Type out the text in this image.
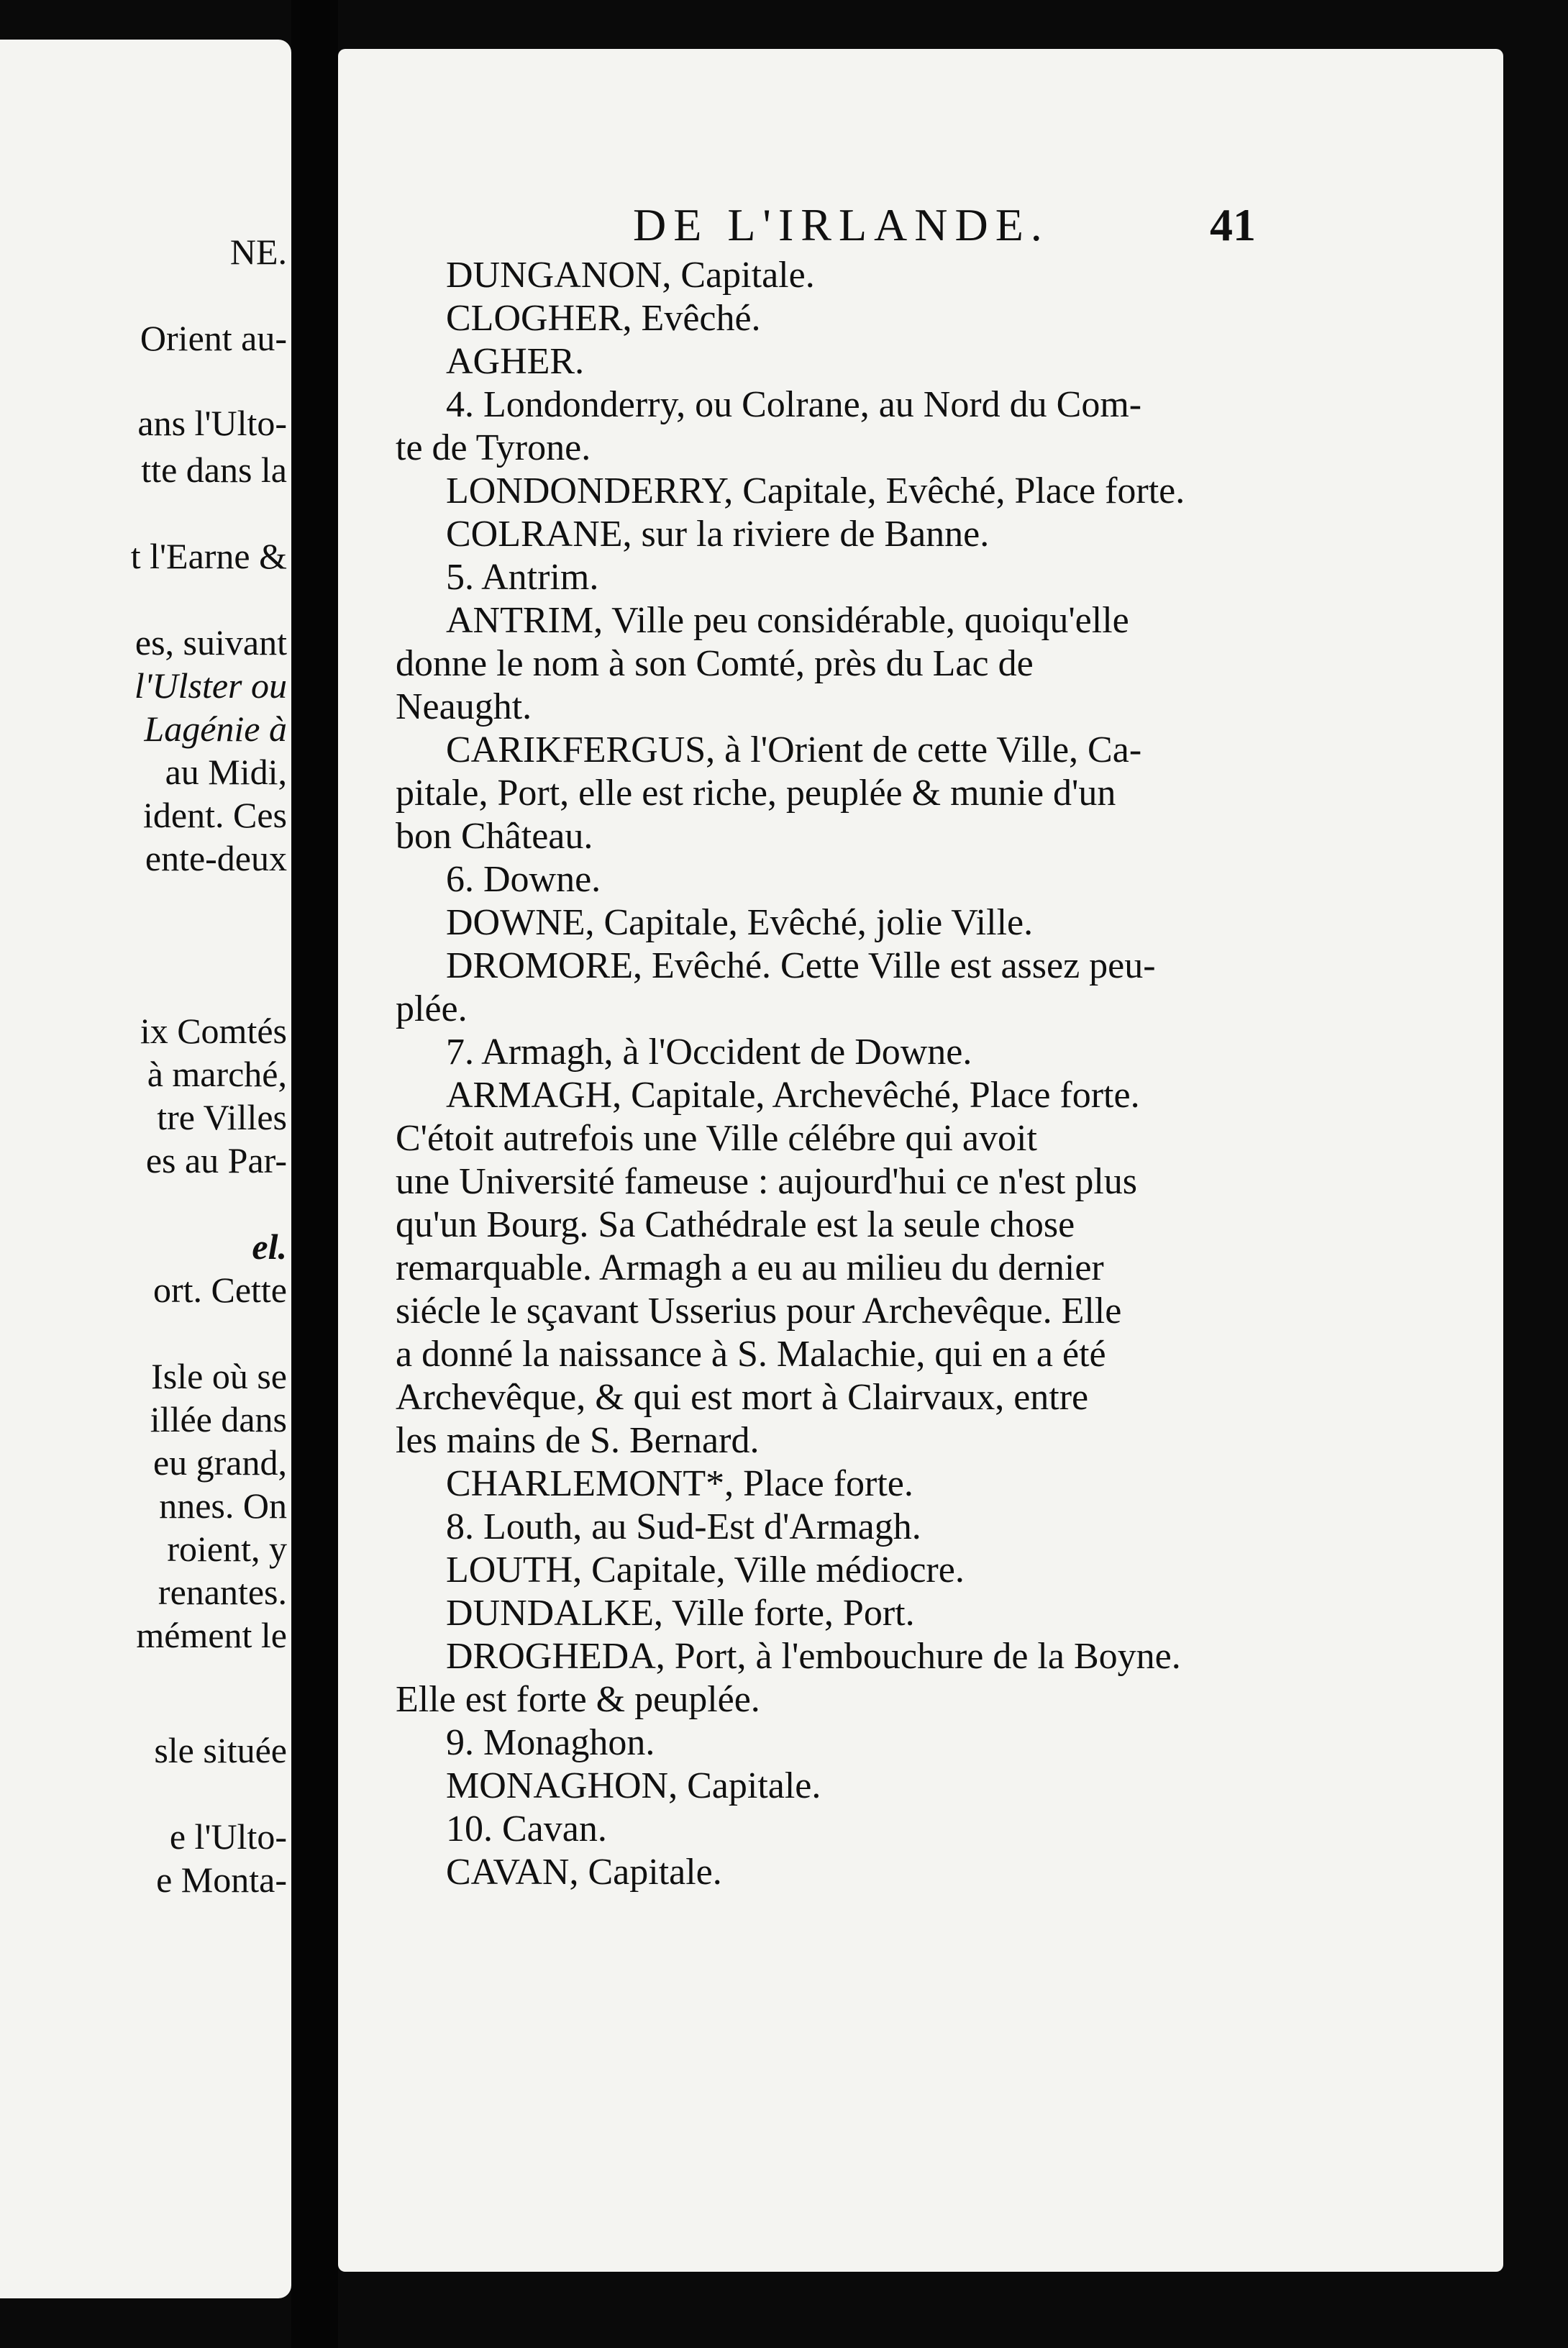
NE.

Orient au-

ans l'Ulto-

tte dans la

t l'Earne &

es, suivant

l'Ulster ou

Lagénie à

au Midi,

ident. Ces

ente-deux

ix Comtés

à marché,

tre Villes

es au Par-

el.

ort. Cette

Isle où se

illée dans

eu grand,

nnes. On

roient, y

renantes.

mément le

sle située

e l'Ulto-

e Monta-

DE L'IRLANDE.	41

DUNGANON, Capitale.

CLOGHER, Evêché.

AGHER.

4. Londonderry, ou Colrane, au Nord du Com-

te de Tyrone.

LONDONDERRY, Capitale, Evêché, Place forte.

COLRANE, sur la riviere de Banne.

5. Antrim.

ANTRIM, Ville peu considérable, quoiqu'elle

donne le nom à son Comté, près du Lac de

Neaught.

CARIKFERGUS, à l'Orient de cette Ville, Ca-

pitale, Port, elle est riche, peuplée & munie d'un

bon Château.

6. Downe.

DOWNE, Capitale, Evêché, jolie Ville.

DROMORE, Evêché. Cette Ville est assez peu-

plée.

7. Armagh, à l'Occident de Downe.

ARMAGH, Capitale, Archevêché, Place forte.

C'étoit autrefois une Ville célébre qui avoit

une Université fameuse : aujourd'hui ce n'est plus

qu'un Bourg. Sa Cathédrale est la seule chose

remarquable. Armagh a eu au milieu du dernier

siécle le sçavant Usserius pour Archevêque. Elle

a donné la naissance à S. Malachie, qui en a été

Archevêque, & qui est mort à Clairvaux, entre

les mains de S. Bernard.

CHARLEMONT*, Place forte.

8. Louth, au Sud-Est d'Armagh.

LOUTH, Capitale, Ville médiocre.

DUNDALKE, Ville forte, Port.

DROGHEDA, Port, à l'embouchure de la Boyne.

Elle est forte & peuplée.

9. Monaghon.

MONAGHON, Capitale.

10. Cavan.

CAVAN, Capitale.
